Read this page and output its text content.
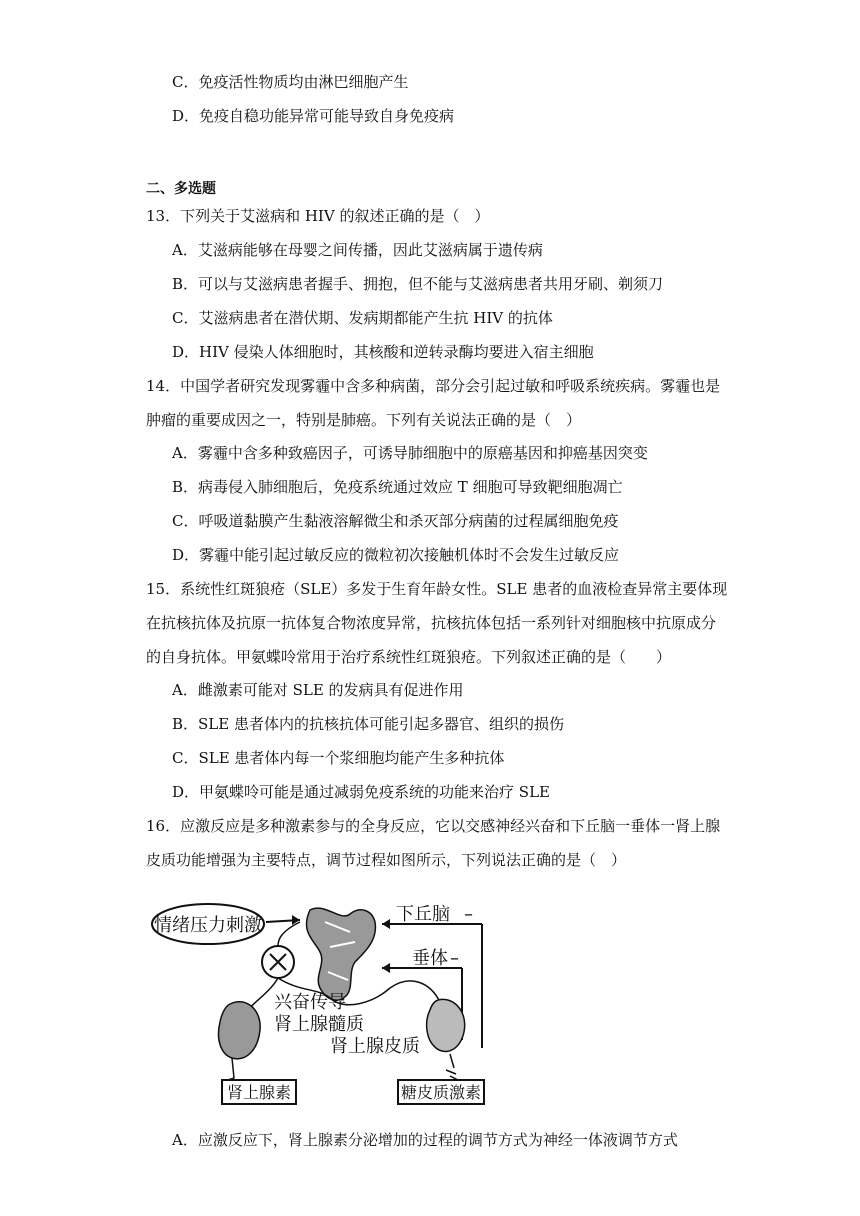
C．免疫活性物质均由淋巴细胞产生
D．免疫自稳功能异常可能导致自身免疫病
二、多选题
13．下列关于艾滋病和 HIV 的叙述正确的是（　）
A．艾滋病能够在母婴之间传播，因此艾滋病属于遗传病
B．可以与艾滋病患者握手、拥抱，但不能与艾滋病患者共用牙刷、剃须刀
C．艾滋病患者在潜伏期、发病期都能产生抗 HIV 的抗体
D．HIV 侵染人体细胞时，其核酸和逆转录酶均要进入宿主细胞
14．中国学者研究发现雾霾中含多种病菌，部分会引起过敏和呼吸系统疾病。雾霾也是
肿瘤的重要成因之一，特别是肺癌。下列有关说法正确的是（　）
A．雾霾中含多种致癌因子，可诱导肺细胞中的原癌基因和抑癌基因突变
B．病毒侵入肺细胞后，免疫系统通过效应 T 细胞可导致靶细胞凋亡
C．呼吸道黏膜产生黏液溶解微尘和杀灭部分病菌的过程属细胞免疫
D．雾霾中能引起过敏反应的微粒初次接触机体时不会发生过敏反应
15．系统性红斑狼疮（SLE）多发于生育年龄女性。SLE 患者的血液检查异常主要体现
在抗核抗体及抗原一抗体复合物浓度异常，抗核抗体包括一系列针对细胞核中抗原成分
的自身抗体。甲氨蝶呤常用于治疗系统性红斑狼疮。下列叙述正确的是（　　）
A．雌激素可能对 SLE 的发病具有促进作用
B．SLE 患者体内的抗核抗体可能引起多器官、组织的损伤
C．SLE 患者体内每一个浆细胞均能产生多种抗体
D．甲氨蝶呤可能是通过减弱免疫系统的功能来治疗 SLE
16．应激反应是多种激素参与的全身反应，它以交感神经兴奋和下丘脑一垂体一肾上腺
皮质功能增强为主要特点，调节过程如图所示，下列说法正确的是（　）
情绪压力刺激
下丘脑 –
垂体 –
兴奋传导
肾上腺髓质
肾上腺皮质
肾上腺素	糖皮质激素
A．应激反应下，肾上腺素分泌增加的过程的调节方式为神经一体液调节方式
